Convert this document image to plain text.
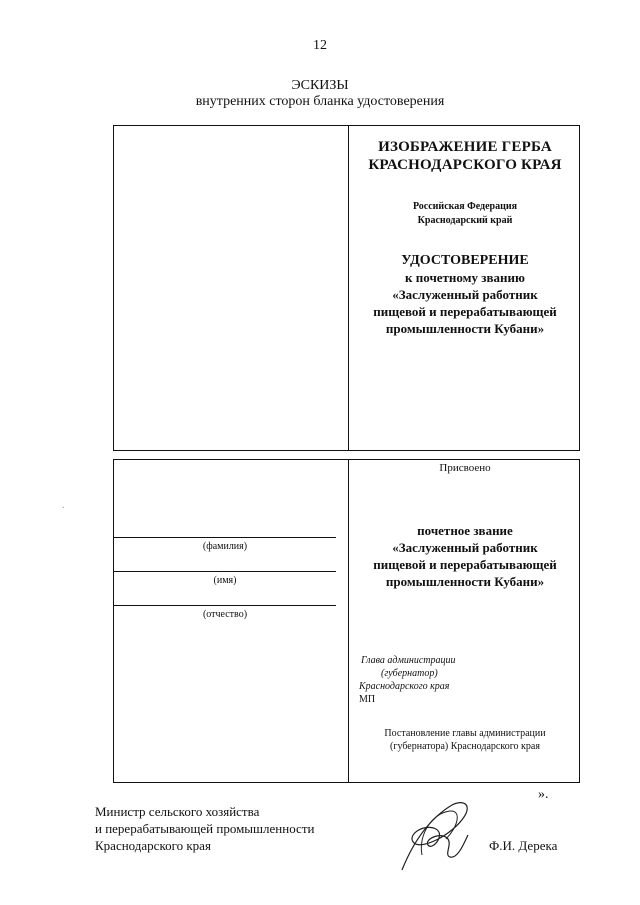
12
ЭСКИЗЫ
внутренних сторон бланка удостоверения
ИЗОБРАЖЕНИЕ ГЕРБА
КРАСНОДАРСКОГО КРАЯ
Российская Федерация
Краснодарский край
УДОСТОВЕРЕНИЕ
к почетному званию
«Заслуженный работник
пищевой и перерабатывающей
промышленности Кубани»
(фамилия)
(имя)
(отчество)
Присвоено
почетное звание
«Заслуженный работник
пищевой и перерабатывающей
промышленности Кубани»
Глава администрации
(губернатор)
Краснодарского края
МП
Постановление главы администрации
(губернатора) Краснодарского края
».
.
Министр сельского хозяйства
и перерабатывающей промышленности
Краснодарского края	Ф.И. Дерека
